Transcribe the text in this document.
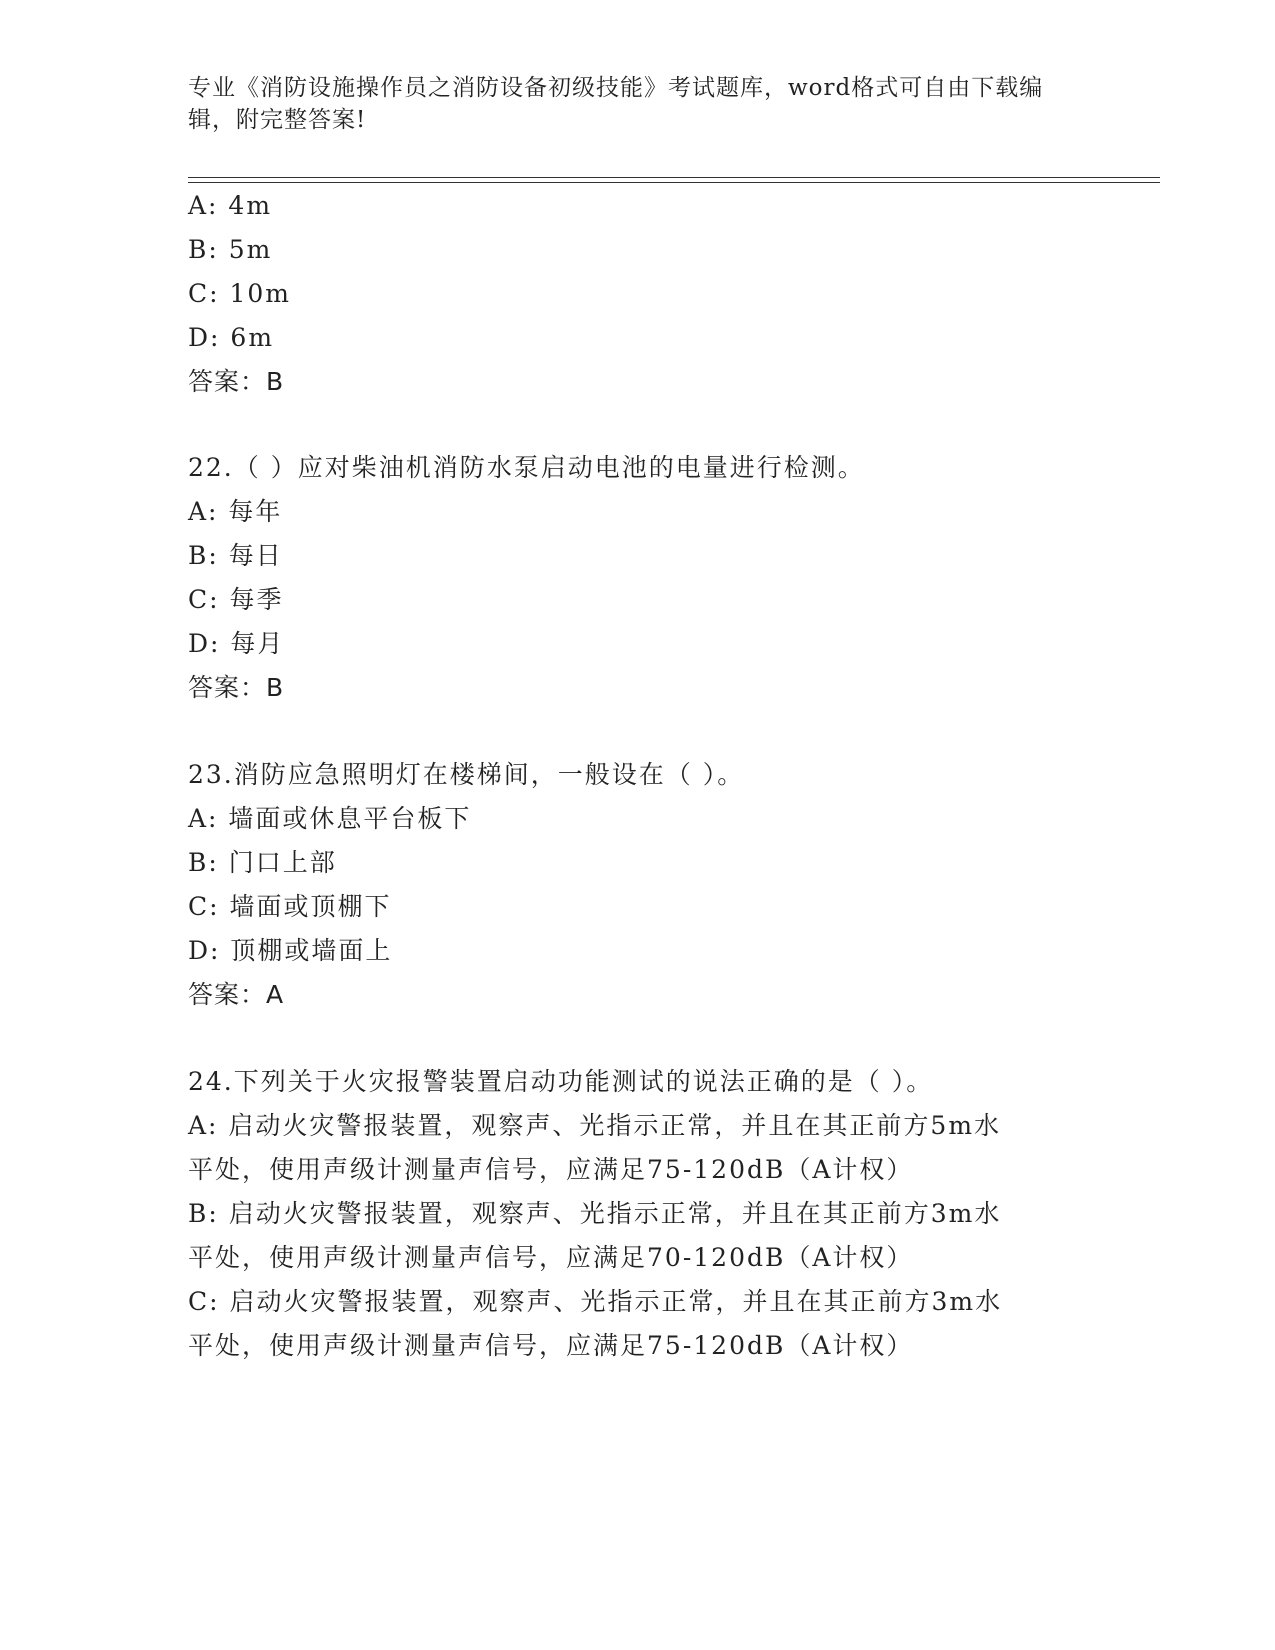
专业《消防设施操作员之消防设备初级技能》考试题库，word格式可自由下载编
辑，附完整答案!
A: 4m
B: 5m
C: 10m
D: 6m
答案：B
22.（ ）应对柴油机消防水泵启动电池的电量进行检测。
A: 每年
B: 每日
C: 每季
D: 每月
答案：B
23.消防应急照明灯在楼梯间，一般设在（ ）。
A: 墙面或休息平台板下
B: 门口上部
C: 墙面或顶棚下
D: 顶棚或墙面上
答案：A
24.下列关于火灾报警装置启动功能测试的说法正确的是（ ）。
A: 启动火灾警报装置，观察声、光指示正常，并且在其正前方5m水
平处，使用声级计测量声信号，应满足75-120dB（A计权）
B: 启动火灾警报装置，观察声、光指示正常，并且在其正前方3m水
平处，使用声级计测量声信号，应满足70-120dB（A计权）
C: 启动火灾警报装置，观察声、光指示正常，并且在其正前方3m水
平处，使用声级计测量声信号，应满足75-120dB（A计权）
